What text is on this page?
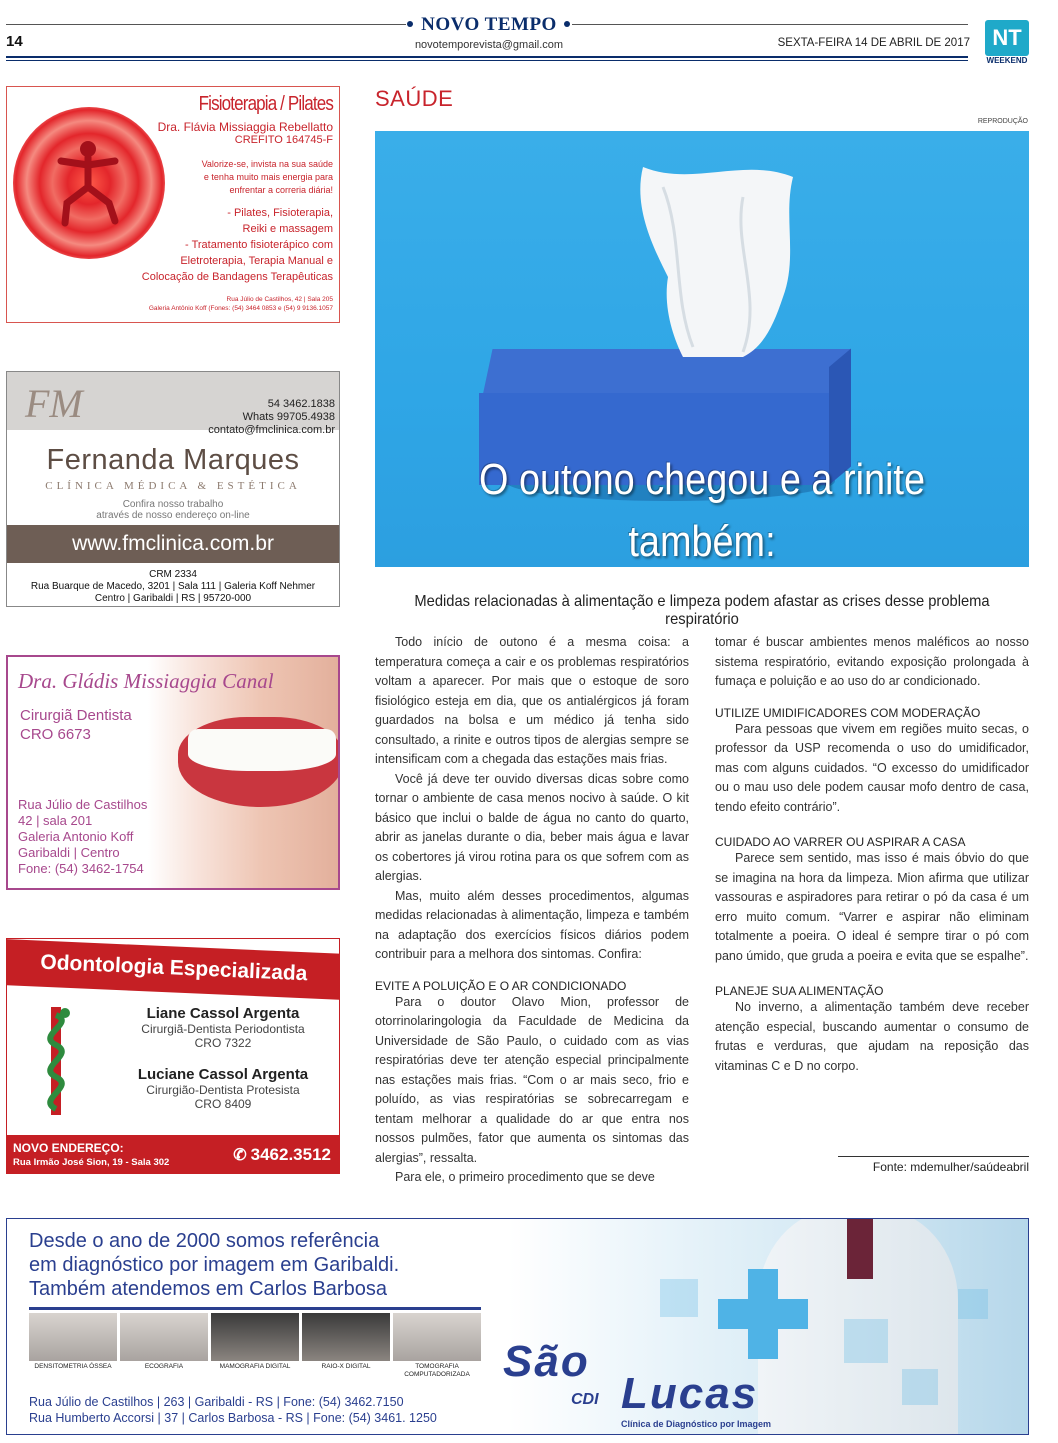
14
NOVO TEMPO
novotemporevista@gmail.com	SEXTA-FEIRA 14 DE ABRIL DE 2017	NT
WEEKEND
Fisioterapia / Pilates
Dra. Flávia Missiaggia Rebellatto
CREFITO 164745-F
Valorize-se, invista na sua saúde
e tenha muito mais energia para
enfrentar a correria diária!
- Pilates, Fisioterapia,
Reiki e massagem
- Tratamento fisioterápico com
Eletroterapia, Terapia Manual e
Colocação de Bandagens Terapêuticas
Rua Júlio de Castilhos, 42 | Sala 205
Galeria Antônio Koff (Fones: (54) 3464 0853 e (54) 9 9136.1057
FM	54 3462.1838
Whats 99705.4938
contato@fmclinica.com.br
Fernanda Marques
CLÍNICA MÉDICA & ESTÉTICA
Confira nosso trabalho
através de nosso endereço on-line
www.fmclinica.com.br
CRM 2334
Rua Buarque de Macedo, 3201 | Sala 111 | Galeria Koff Nehmer
Centro | Garibaldi | RS | 95720-000
Dra. Gládis Missiaggia Canal
Cirurgiã Dentista
CRO 6673
Rua Júlio de Castilhos
42 | sala 201
Galeria Antonio Koff
Garibaldi | Centro
Fone: (54) 3462-1754
Odontologia Especializada
Liane Cassol Argenta
Cirurgiã-Dentista Periodontista
CRO 7322
Luciane Cassol Argenta
Cirurgião-Dentista Protesista
CRO 8409
NOVO ENDEREÇO:
Rua Irmão José Sion, 19 - Sala 302	✆ 3462.3512
SAÚDE
REPRODUÇÃO
O outono chegou e a rinite também:
Medidas relacionadas à alimentação e limpeza podem afastar as crises desse problema respiratório

Todo início de outono é a mesma coisa: a temperatura começa a cair e os problemas respiratórios voltam a aparecer. Por mais que o estoque de soro fisiológico esteja em dia, que os antialérgicos já foram guardados na bolsa e um médico já tenha sido consultado, a rinite e outros tipos de alergias sempre se intensificam com a chegada das estações mais frias.

Você já deve ter ouvido diversas dicas sobre como tornar o ambiente de casa menos nocivo à saúde. O kit básico que inclui o balde de água no canto do quarto, abrir as janelas durante o dia, beber mais água e lavar os cobertores já virou rotina para os que sofrem com as alergias.

Mas, muito além desses procedimentos, algumas medidas relacionadas à alimentação, limpeza e também na adaptação dos exercícios físicos diários podem contribuir para a melhora dos sintomas. Confira:

EVITE A POLUIÇÃO E O AR CONDICIONADO

Para o doutor Olavo Mion, professor de otorrinolaringologia da Faculdade de Medicina da Universidade de São Paulo, o cuidado com as vias respiratórias deve ter atenção especial principalmente nas estações mais frias. “Com o ar mais seco, frio e poluído, as vias respiratórias se sobrecarregam e tentam melhorar a qualidade do ar que entra nos nossos pulmões, fator que aumenta os sintomas das alergias”, ressalta.

Para ele, o primeiro procedimento que se deve

tomar é buscar ambientes menos maléficos ao nosso sistema respiratório, evitando exposição prolongada à fumaça e poluição e ao uso do ar condicionado.

UTILIZE UMIDIFICADORES COM MODERAÇÃO

Para pessoas que vivem em regiões muito secas, o professor da USP recomenda o uso do umidificador, mas com alguns cuidados. “O excesso do umidificador ou o mau uso dele podem causar mofo dentro de casa, tendo efeito contrário”.

CUIDADO AO VARRER OU ASPIRAR A CASA

Parece sem sentido, mas isso é mais óbvio do que se imagina na hora da limpeza. Mion afirma que utilizar vassouras e aspiradores para retirar o pó da casa é um erro muito comum. “Varrer e aspirar não eliminam totalmente a poeira. O ideal é sempre tirar o pó com pano úmido, que gruda a poeira e evita que se espalhe”.

PLANEJE SUA ALIMENTAÇÃO

No inverno, a alimentação também deve receber atenção especial, buscando aumentar o consumo de frutas e verduras, que ajudam na reposição das vitaminas C e D no corpo.

Fonte: mdemulher/saúdeabril
Desde o ano de 2000 somos referência
em diagnóstico por imagem em Garibaldi.
Também atendemos em Carlos Barbosa
DENSITOMETRIA ÓSSEA	ECOGRAFIA	MAMOGRAFIA DIGITAL	RAIO-X DIGITAL	TOMOGRAFIA COMPUTADORIZADA
Rua Júlio de Castilhos | 263 | Garibaldi - RS | Fone: (54) 3462.7150
Rua Humberto Accorsi | 37 | Carlos Barbosa - RS | Fone: (54) 3461. 1250
São
CDI Lucas
Clínica de Diagnóstico por Imagem
